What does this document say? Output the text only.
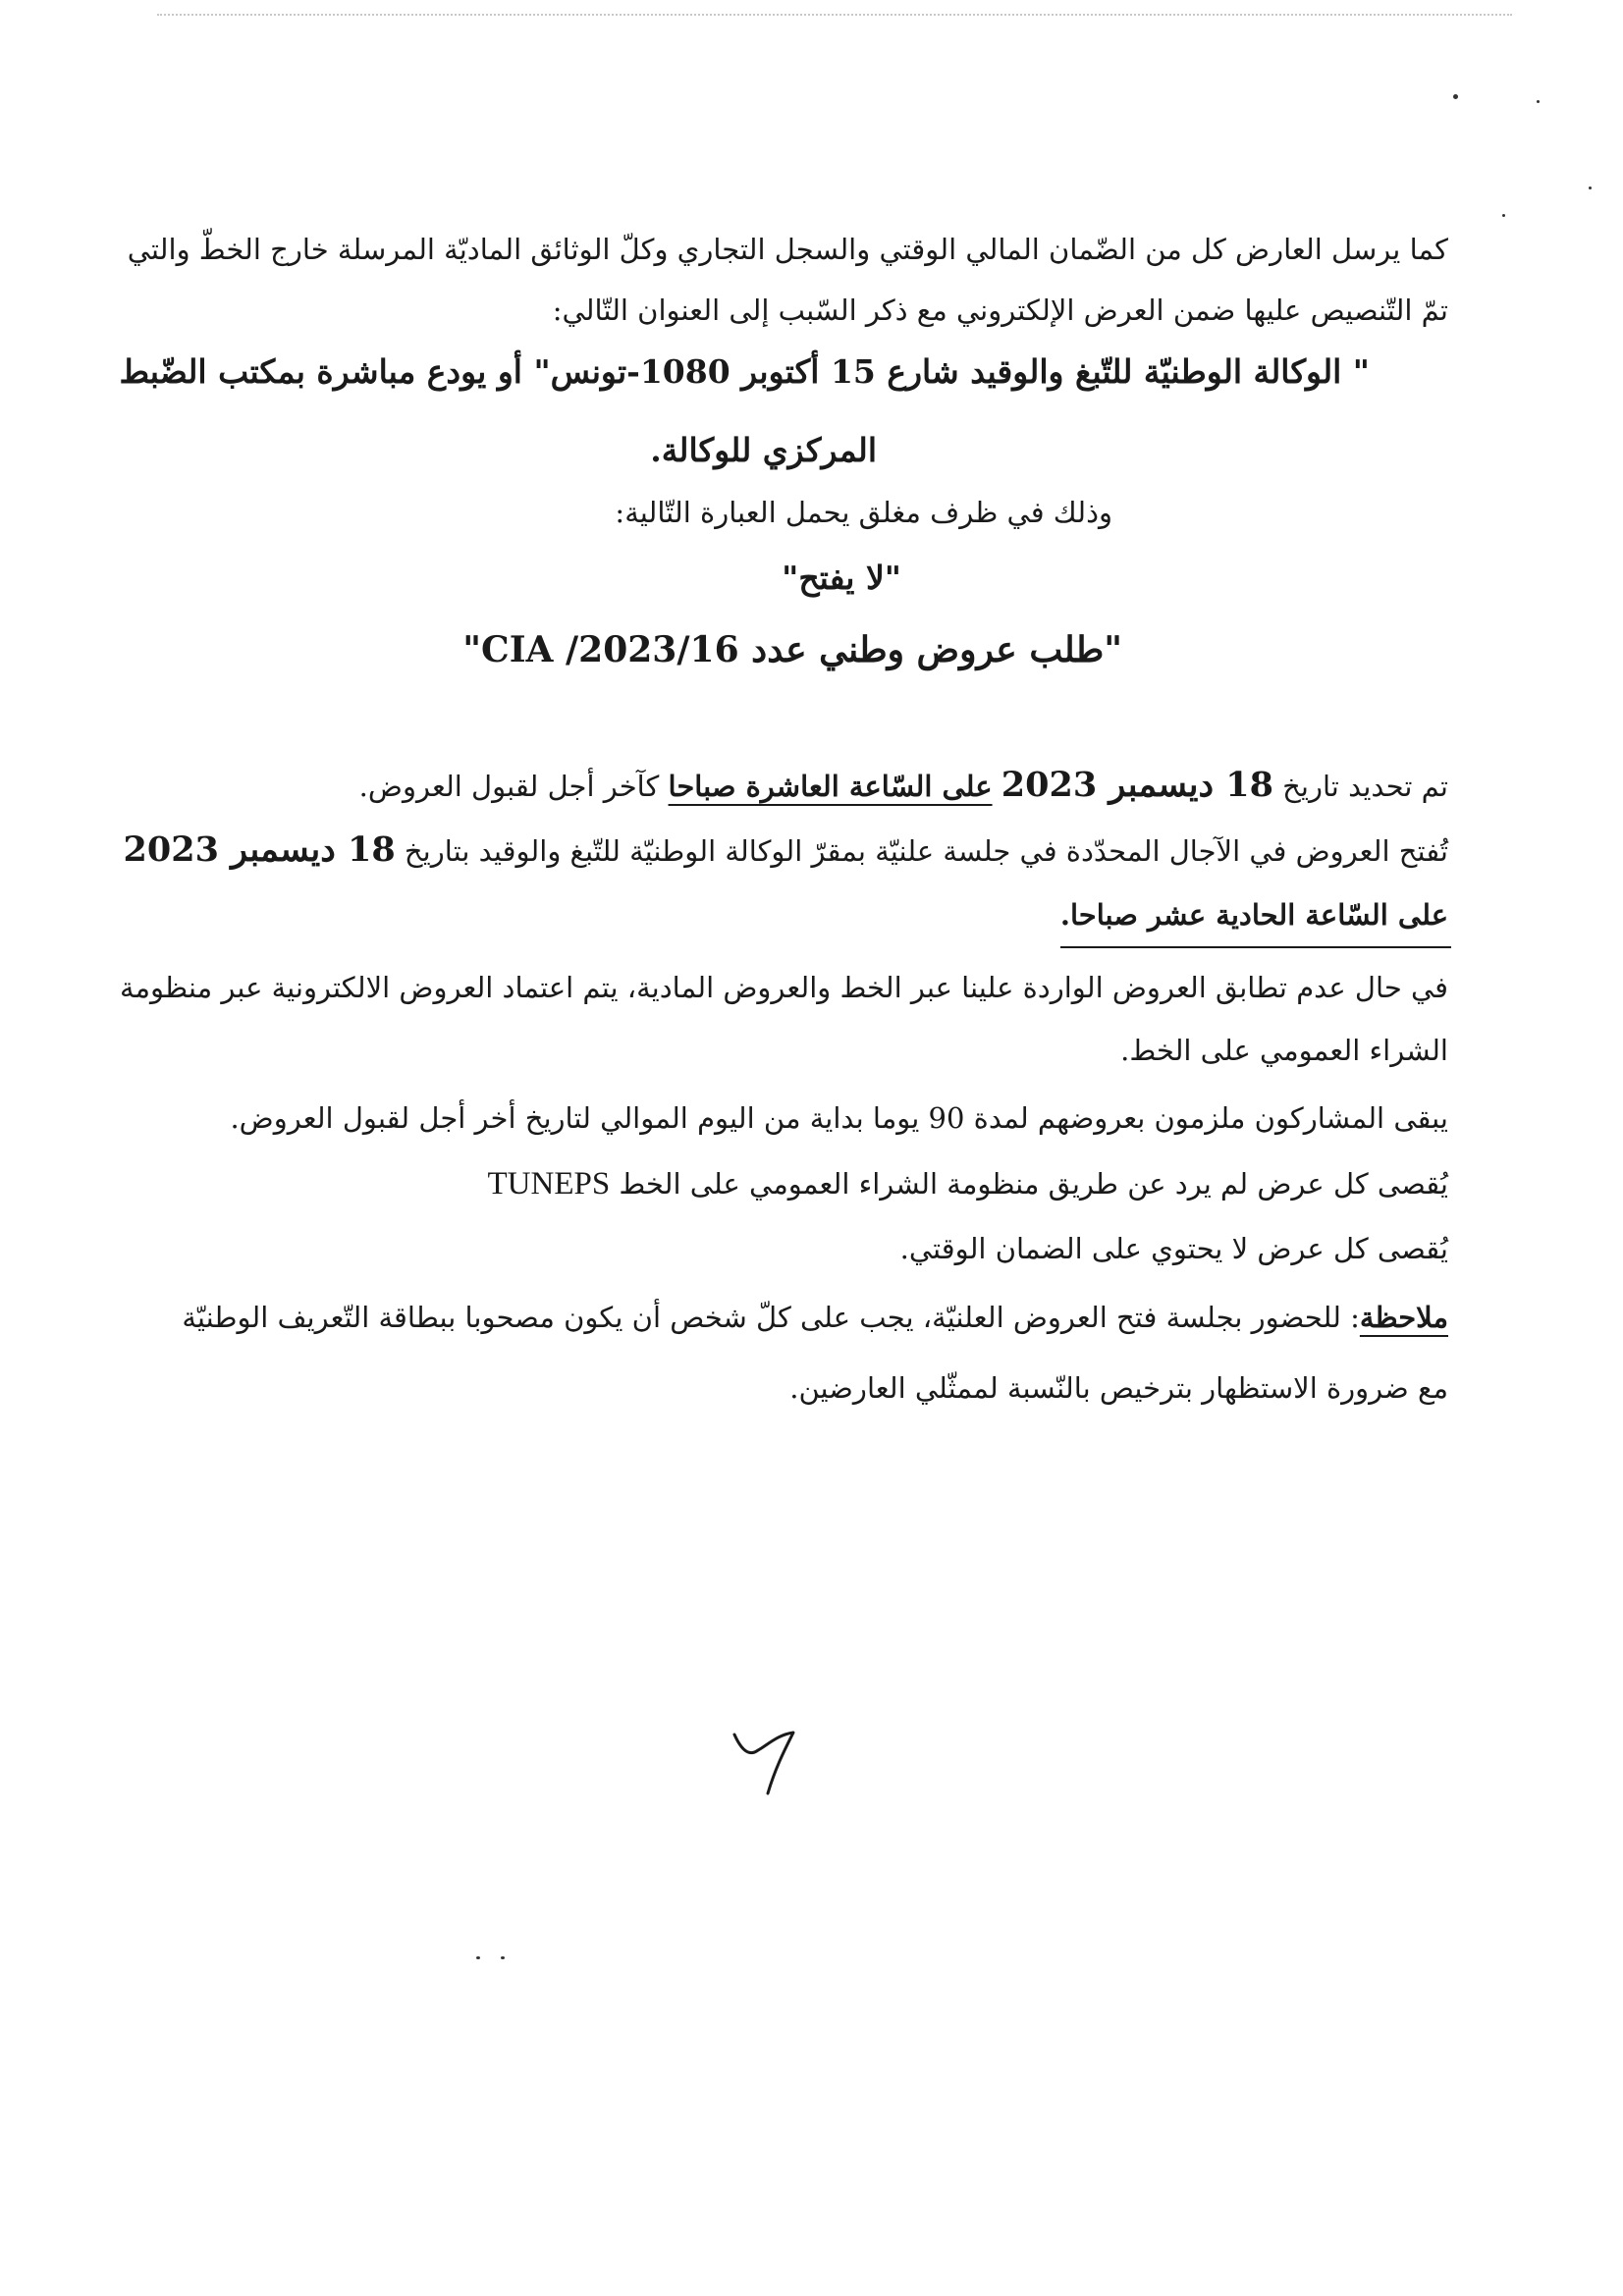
كما يرسل العارض كل من الضّمان المالي الوقتي والسجل التجاري وكلّ الوثائق الماديّة المرسلة خارج الخطّ والتي
تمّ التّنصيص عليها ضمن العرض الإلكتروني مع ذكر السّبب إلى العنوان التّالي:
" الوكالة الوطنيّة للتّبغ والوقيد شارع 15 أكتوبر 1080-تونس" أو يودع مباشرة بمكتب الضّبط
المركزي للوكالة.
وذلك في ظرف مغلق يحمل العبارة التّالية:
"لا يفتح"
"طلب عروض وطني عدد 16/CIA /2023"
تم تحديد تاريخ 18 ديسمبر 2023 على السّاعة العاشرة صباحا كآخر أجل لقبول العروض.
تُفتح العروض في الآجال المحدّدة في جلسة علنيّة بمقرّ الوكالة الوطنيّة للتّبغ والوقيد بتاريخ 18 ديسمبر 2023
على السّاعة الحادية عشر صباحا.
في حال عدم تطابق العروض الواردة علينا عبر الخط والعروض المادية، يتم اعتماد العروض الالكترونية عبر منظومة
الشراء العمومي على الخط.
يبقى المشاركون ملزمون بعروضهم لمدة 90 يوما بداية من اليوم الموالي لتاريخ أخر أجل لقبول العروض.
يُقصى كل عرض لم يرد عن طريق منظومة الشراء العمومي على الخط TUNEPS
يُقصى كل عرض لا يحتوي على الضمان الوقتي.
ملاحظة: للحضور بجلسة فتح العروض العلنيّة، يجب على كلّ شخص أن يكون مصحوبا ببطاقة التّعريف الوطنيّة
مع ضرورة الاستظهار بترخيص بالنّسبة لممثّلي العارضين.
